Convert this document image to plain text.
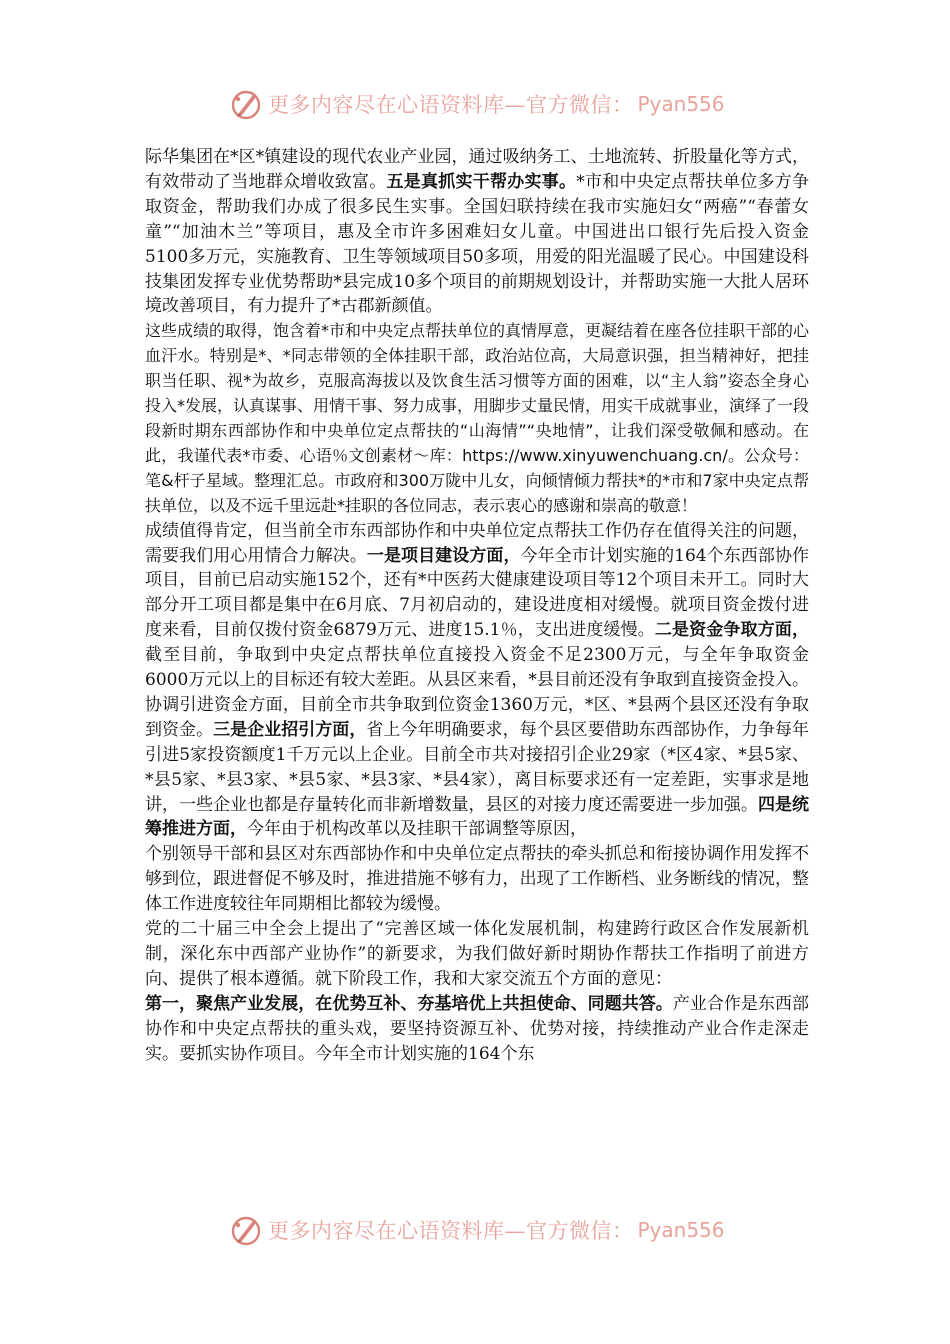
更多内容尽在心语资料库—官方微信： Pyan556

际华集团在*区*镇建设的现代农业产业园，通过吸纳务工、土地流转、折股量化等方式，有效带动了当地群众增收致富。五是真抓实干帮办实事。*市和中央定点帮扶单位多方争取资金，帮助我们办成了很多民生实事。全国妇联持续在我市实施妇女“两癌”“春蕾女童”“加油木兰”等项目，惠及全市许多困难妇女儿童。中国进出口银行先后投入资金5100多万元，实施教育、卫生等领域项目50多项，用爱的阳光温暖了民心。中国建设科技集团发挥专业优势帮助*县完成10多个项目的前期规划设计，并帮助实施一大批人居环境改善项目，有力提升了*古郡新颜值。

这些成绩的取得，饱含着*市和中央定点帮扶单位的真情厚意，更凝结着在座各位挂职干部的心血汗水。特别是*、*同志带领的全体挂职干部，政治站位高，大局意识强，担当精神好，把挂职当任职、视*为故乡，克服高海拔以及饮食生活习惯等方面的困难，以“主人翁”姿态全身心投入*发展，认真谋事、用情干事、努力成事，用脚步丈量民情，用实干成就事业，演绎了一段段新时期东西部协作和中央单位定点帮扶的“山海情”“央地情”，让我们深受敬佩和感动。在此，我谨代表*市委、心语％文创素材～库：https://www.xinyuwenchuang.cn/。公众号：笔&杆子星域。整理汇总。市政府和300万陇中儿女，向倾情倾力帮扶*的*市和7家中央定点帮扶单位，以及不远千里远赴*挂职的各位同志，表示衷心的感谢和崇高的敬意！

成绩值得肯定，但当前全市东西部协作和中央单位定点帮扶工作仍存在值得关注的问题，需要我们用心用情合力解决。一是项目建设方面，今年全市计划实施的164个东西部协作项目，目前已启动实施152个，还有*中医药大健康建设项目等12个项目未开工。同时大部分开工项目都是集中在6月底、7月初启动的，建设进度相对缓慢。就项目资金拨付进度来看，目前仅拨付资金6879万元、进度15.1％，支出进度缓慢。二是资金争取方面，截至目前，争取到中央定点帮扶单位直接投入资金不足2300万元，与全年争取资金6000万元以上的目标还有较大差距。从县区来看，*县目前还没有争取到直接资金投入。协调引进资金方面，目前全市共争取到位资金1360万元，*区、*县两个县区还没有争取到资金。三是企业招引方面，省上今年明确要求，每个县区要借助东西部协作，力争每年引进5家投资额度1千万元以上企业。目前全市共对接招引企业29家（*区4家、*县5家、*县5家、*县3家、*县5家、*县3家、*县4家），离目标要求还有一定差距，实事求是地讲，一些企业也都是存量转化而非新增数量，县区的对接力度还需要进一步加强。四是统筹推进方面，今年由于机构改革以及挂职干部调整等原因，

个别领导干部和县区对东西部协作和中央单位定点帮扶的牵头抓总和衔接协调作用发挥不够到位，跟进督促不够及时，推进措施不够有力，出现了工作断档、业务断线的情况，整体工作进度较往年同期相比都较为缓慢。

党的二十届三中全会上提出了“完善区域一体化发展机制，构建跨行政区合作发展新机制，深化东中西部产业协作”的新要求，为我们做好新时期协作帮扶工作指明了前进方向、提供了根本遵循。就下阶段工作，我和大家交流五个方面的意见：

第一，聚焦产业发展，在优势互补、夯基培优上共担使命、同题共答。产业合作是东西部协作和中央定点帮扶的重头戏，要坚持资源互补、优势对接，持续推动产业合作走深走实。要抓实协作项目。今年全市计划实施的164个东

更多内容尽在心语资料库—官方微信： Pyan556
